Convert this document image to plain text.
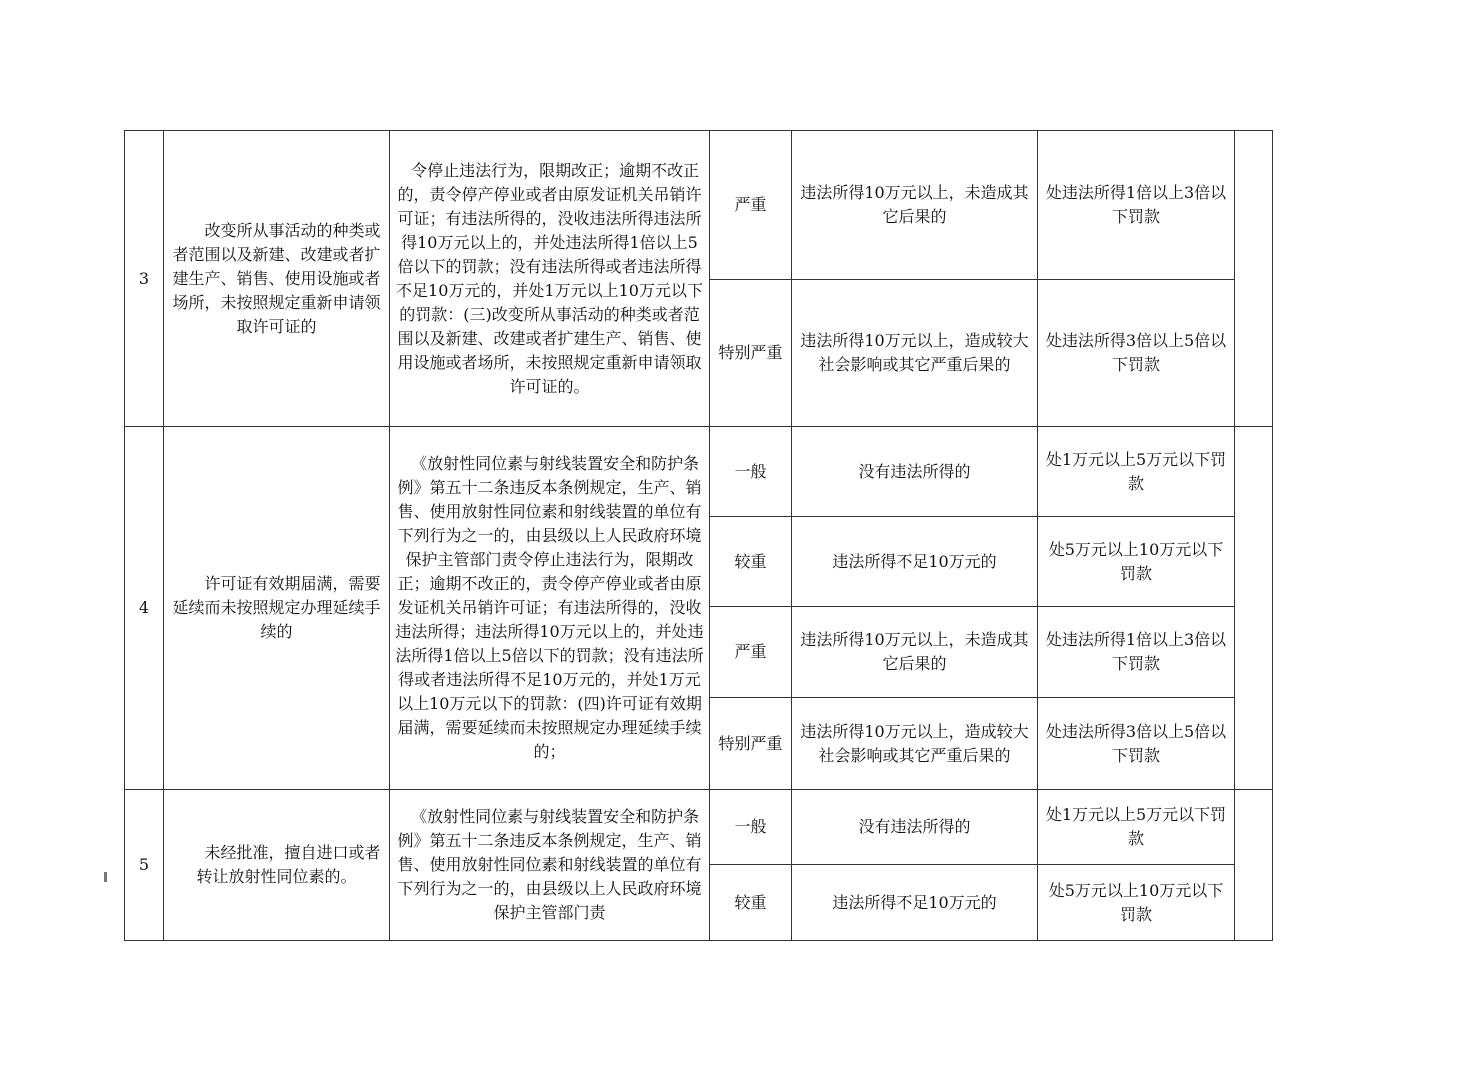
3	改变所从事活动的种类或者范围以及新建、改建或者扩建生产、销售、使用设施或者场所，未按照规定重新申请领取许可证的	令停止违法行为，限期改正；逾期不改正的，责令停产停业或者由原发证机关吊销许可证；有违法所得的，没收违法所得违法所得10万元以上的，并处违法所得1倍以上5倍以下的罚款；没有违法所得或者违法所得不足10万元的，并处1万元以上10万元以下的罚款：(三)改变所从事活动的种类或者范围以及新建、改建或者扩建生产、销售、使用设施或者场所，未按照规定重新申请领取许可证的。	严重	违法所得10万元以上，未造成其它后果的	处违法所得1倍以上3倍以下罚款	
			特别严重	违法所得10万元以上，造成较大社会影响或其它严重后果的	处违法所得3倍以上5倍以下罚款	
4	许可证有效期届满，需要延续而未按照规定办理延续手续的	《放射性同位素与射线装置安全和防护条例》第五十二条违反本条例规定，生产、销售、使用放射性同位素和射线装置的单位有下列行为之一的，由县级以上人民政府环境保护主管部门责令停止违法行为，限期改正；逾期不改正的，责令停产停业或者由原发证机关吊销许可证；有违法所得的，没收违法所得；违法所得10万元以上的，并处违法所得1倍以上5倍以下的罚款；没有违法所得或者违法所得不足10万元的，并处1万元以上10万元以下的罚款：(四)许可证有效期届满，需要延续而未按照规定办理延续手续的；	一般	没有违法所得的	处1万元以上5万元以下罚款	
			较重	违法所得不足10万元的	处5万元以上10万元以下罚款	
			严重	违法所得10万元以上，未造成其它后果的	处违法所得1倍以上3倍以下罚款	
			特别严重	违法所得10万元以上，造成较大社会影响或其它严重后果的	处违法所得3倍以上5倍以下罚款	
5	未经批准，擅自进口或者转让放射性同位素的。	《放射性同位素与射线装置安全和防护条例》第五十二条违反本条例规定，生产、销售、使用放射性同位素和射线装置的单位有下列行为之一的，由县级以上人民政府环境保护主管部门责	一般	没有违法所得的	处1万元以上5万元以下罚款	
			较重	违法所得不足10万元的	处5万元以上10万元以下罚款	
